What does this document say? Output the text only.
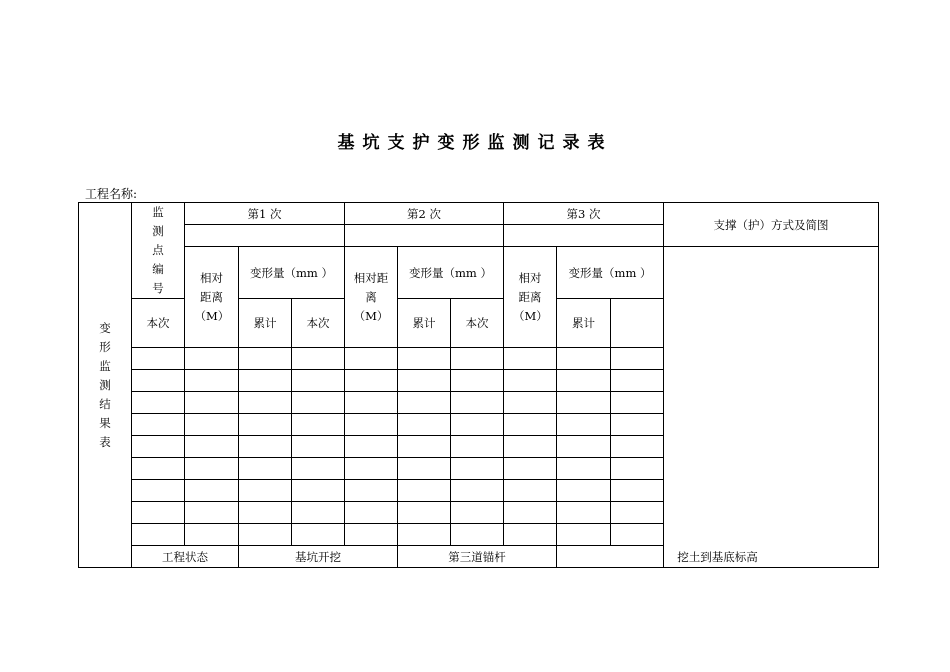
基坑支护变形监测记录表
工程名称:
变形监测结果表	监测点编号	第1 次			第2 次			第3 次			支撑（护）方式及简图	

		相对距离（M）	变形量（mm ）		相对距离（M）	变形量（mm ）		相对距离（M）	变形量（mm ）			
	本次		累计	本次		累计	本次		累计			

	工程状态		基坑开挖			第三道锚杆			挖土到基底标高			
